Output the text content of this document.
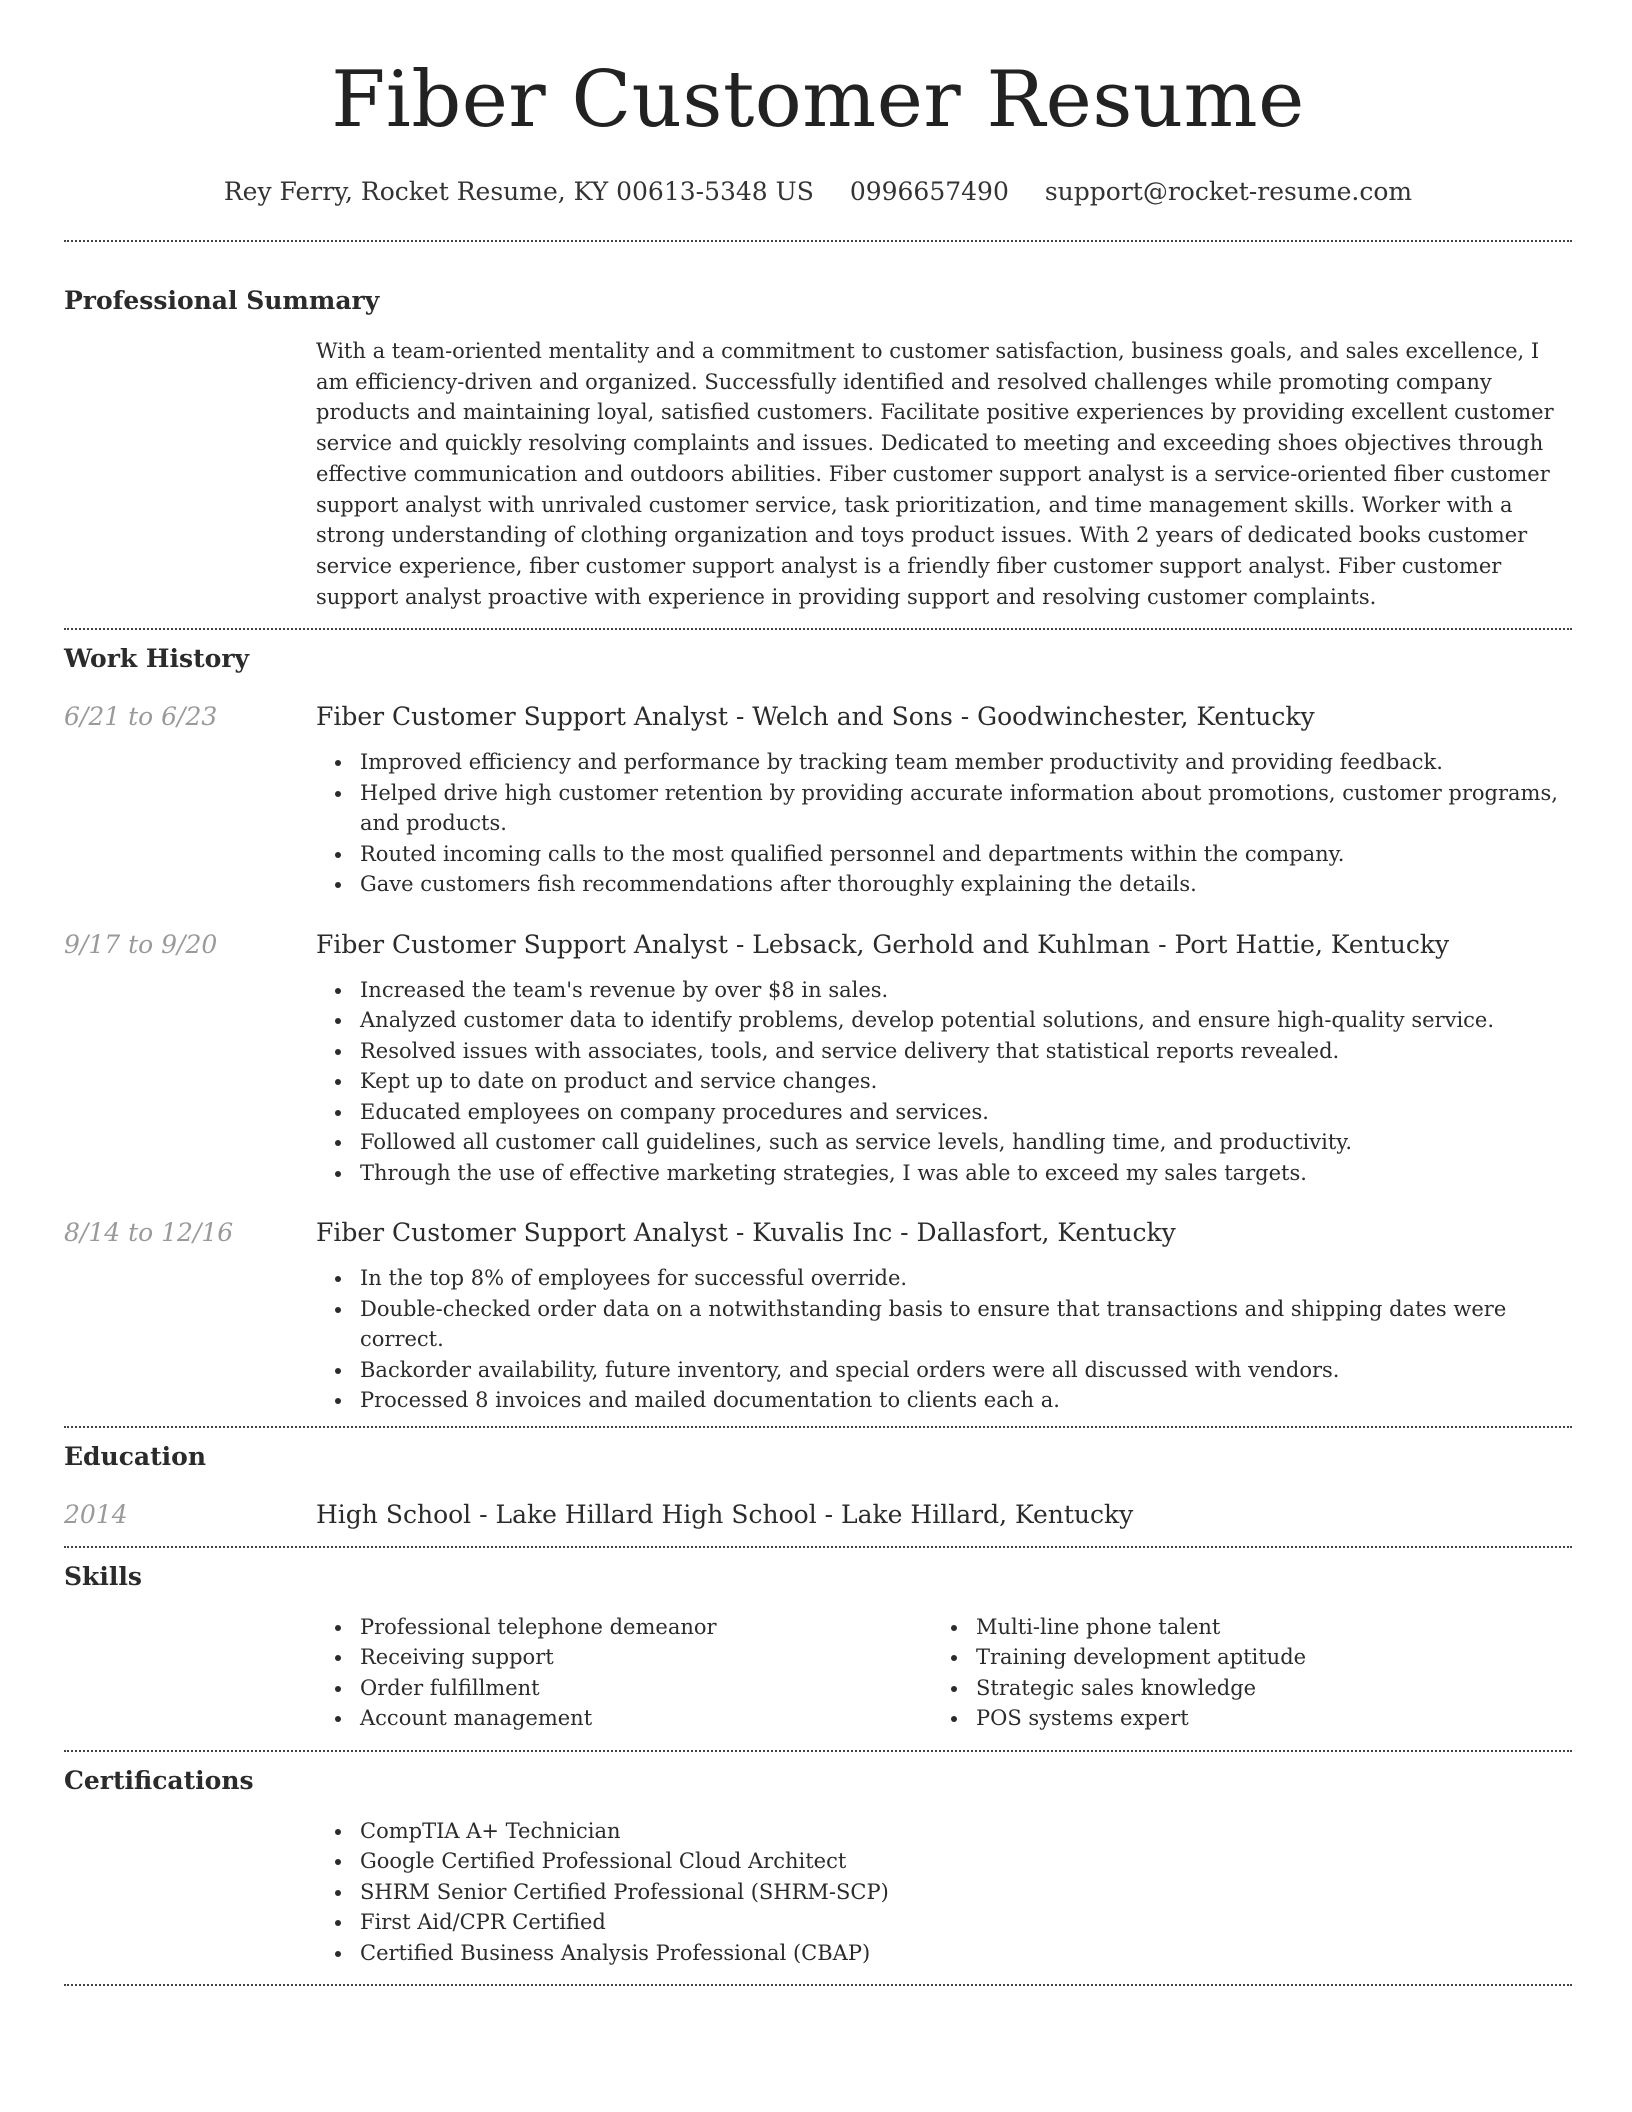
Fiber Customer Resume
Rey Ferry, Rocket Resume, KY 00613-5348 US 0996657490 support@rocket-resume.com
Professional Summary

With a team-oriented mentality and a commitment to customer satisfaction, business goals, and sales excellence, I am efficiency-driven and organized. Successfully identified and resolved challenges while promoting company products and maintaining loyal, satisfied customers. Facilitate positive experiences by providing excellent customer service and quickly resolving complaints and issues. Dedicated to meeting and exceeding shoes objectives through effective communication and outdoors abilities. Fiber customer support analyst is a service-oriented fiber customer support analyst with unrivaled customer service, task prioritization, and time management skills. Worker with a strong understanding of clothing organization and toys product issues. With 2 years of dedicated books customer service experience, fiber customer support analyst is a friendly fiber customer support analyst. Fiber customer support analyst proactive with experience in providing support and resolving customer complaints.

Work History
6/21 to 6/23	Fiber Customer Support Analyst - Welch and Sons - Goodwinchester, Kentucky
Improved efficiency and performance by tracking team member productivity and providing feedback.
Helped drive high customer retention by providing accurate information about promotions, customer programs, and products.
Routed incoming calls to the most qualified personnel and departments within the company.
Gave customers fish recommendations after thoroughly explaining the details.
9/17 to 9/20	Fiber Customer Support Analyst - Lebsack, Gerhold and Kuhlman - Port Hattie, Kentucky
Increased the team's revenue by over $8 in sales.
Analyzed customer data to identify problems, develop potential solutions, and ensure high-quality service.
Resolved issues with associates, tools, and service delivery that statistical reports revealed.
Kept up to date on product and service changes.
Educated employees on company procedures and services.
Followed all customer call guidelines, such as service levels, handling time, and productivity.
Through the use of effective marketing strategies, I was able to exceed my sales targets.
8/14 to 12/16	Fiber Customer Support Analyst - Kuvalis Inc - Dallasfort, Kentucky
In the top 8% of employees for successful override.
Double-checked order data on a notwithstanding basis to ensure that transactions and shipping dates were correct.
Backorder availability, future inventory, and special orders were all discussed with vendors.
Processed 8 invoices and mailed documentation to clients each a.
Education
2014	High School - Lake Hillard High School - Lake Hillard, Kentucky
Skills
Professional telephone demeanor
Receiving support
Order fulfillment
Account management
Multi-line phone talent
Training development aptitude
Strategic sales knowledge
POS systems expert
Certifications
CompTIA A+ Technician
Google Certified Professional Cloud Architect
SHRM Senior Certified Professional (SHRM-SCP)
First Aid/CPR Certified
Certified Business Analysis Professional (CBAP)
